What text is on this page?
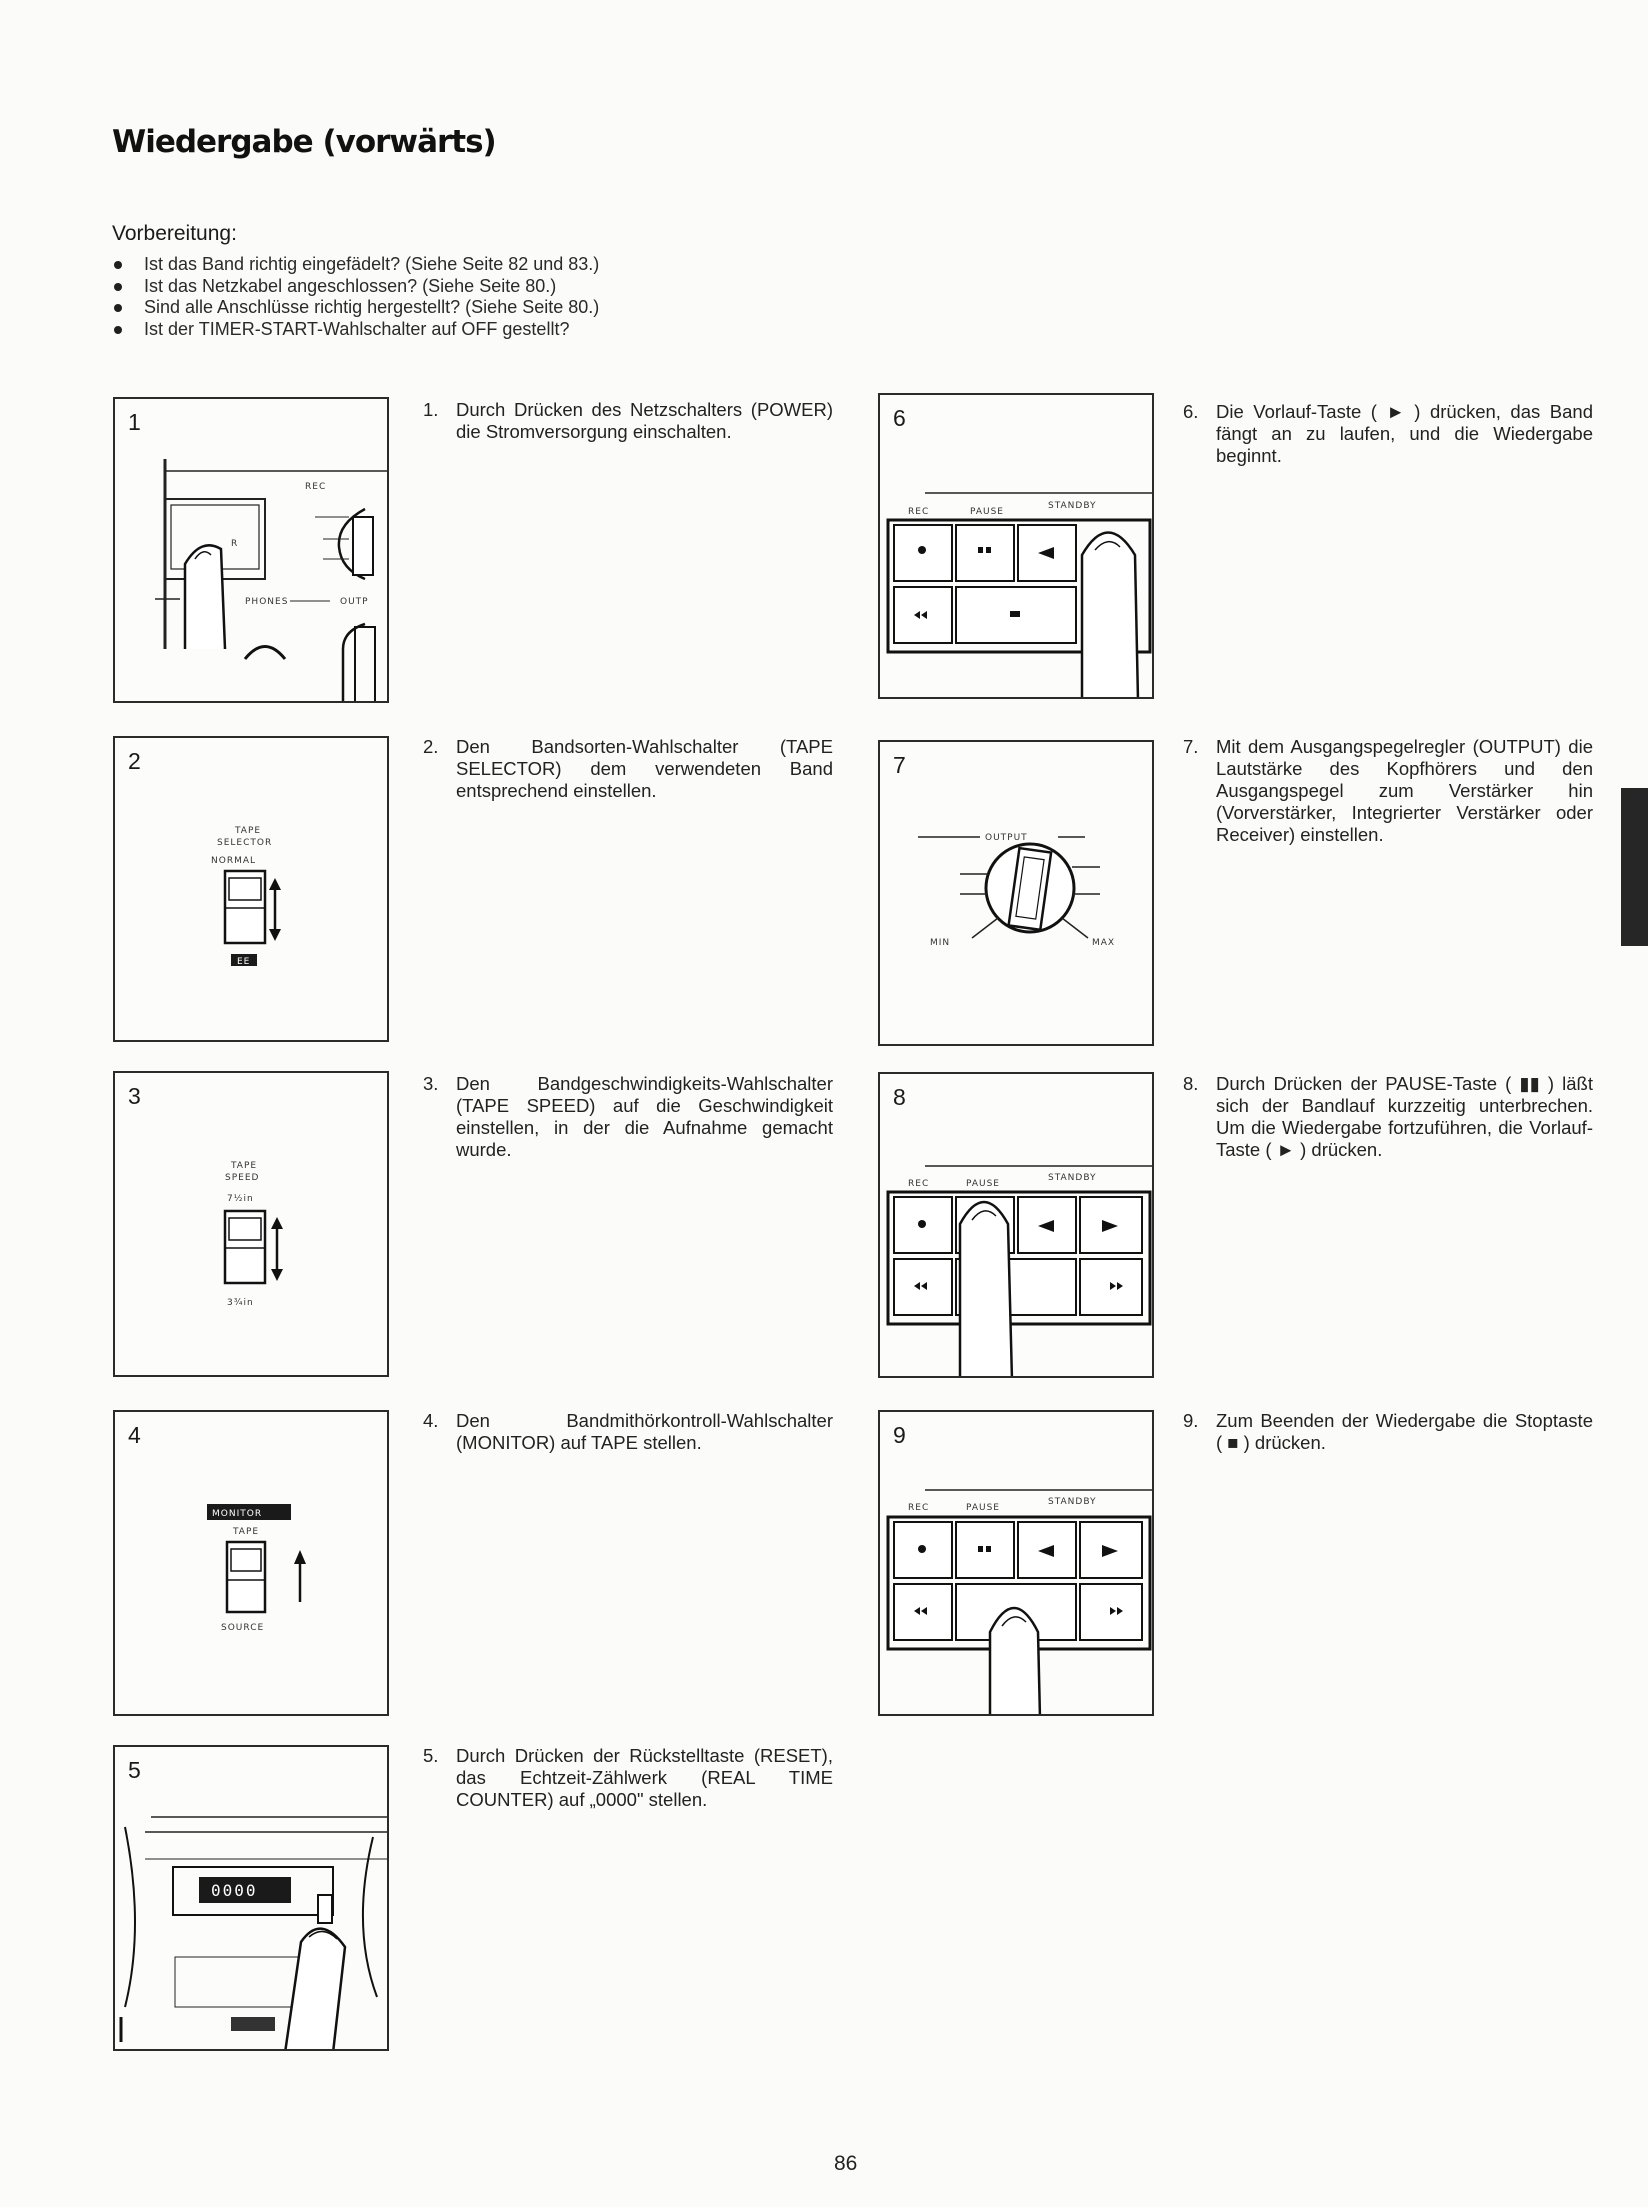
Wiedergabe (vorwärts)
Vorbereitung:
Ist das Band richtig eingefädelt? (Siehe Seite 82 und 83.)
Ist das Netzkabel angeschlossen? (Siehe Seite 80.)
Sind alle Anschlüsse richtig hergestellt? (Siehe Seite 80.)
Ist der TIMER-START-Wahlschalter auf OFF gestellt?
1
R
PHONES	OUTP
REC
1. Durch Drücken des Netzschalters (POWER) die Stromversorgung einschalten.
6
REC	PAUSE
STANDBY
6. Die Vorlauf-Taste ( ► ) drücken, das Band fängt an zu laufen, und die Wiedergabe beginnt.
2
TAPE
SELECTOR
NORMAL
EE
2. Den Bandsorten-Wahlschalter (TAPE SELECTOR) dem verwendeten Band entsprechend einstellen.
7
OUTPUT
MIN	MAX
7. Mit dem Ausgangspegelregler (OUTPUT) die Lautstärke des Kopfhörers und den Ausgangspegel zum Verstärker hin (Vorverstärker, Integrierter Verstärker oder Receiver) einstellen.
3
TAPE
SPEED
7½in
3¾in
3. Den Bandgeschwindigkeits-Wahlschalter (TAPE SPEED) auf die Geschwindigkeit einstellen, in der die Aufnahme gemacht wurde.
8
REC	PAUSE
STANDBY
8. Durch Drücken der PAUSE-Taste ( ▮▮ ) läßt sich der Bandlauf kurzzeitig unterbrechen. Um die Wiedergabe fortzuführen, die Vorlauf-Taste ( ► ) drücken.
4
MONITOR
TAPE
SOURCE
4. Den Bandmithörkontroll-Wahlschalter (MONITOR) auf TAPE stellen.	9
REC	PAUSE
STANDBY
9. Zum Beenden der Wiedergabe die Stoptaste ( ■ ) drücken.
5
0000
5. Durch Drücken der Rückstelltaste (RESET), das Echtzeit-Zählwerk (REAL TIME COUNTER) auf „0000" stellen.
86
